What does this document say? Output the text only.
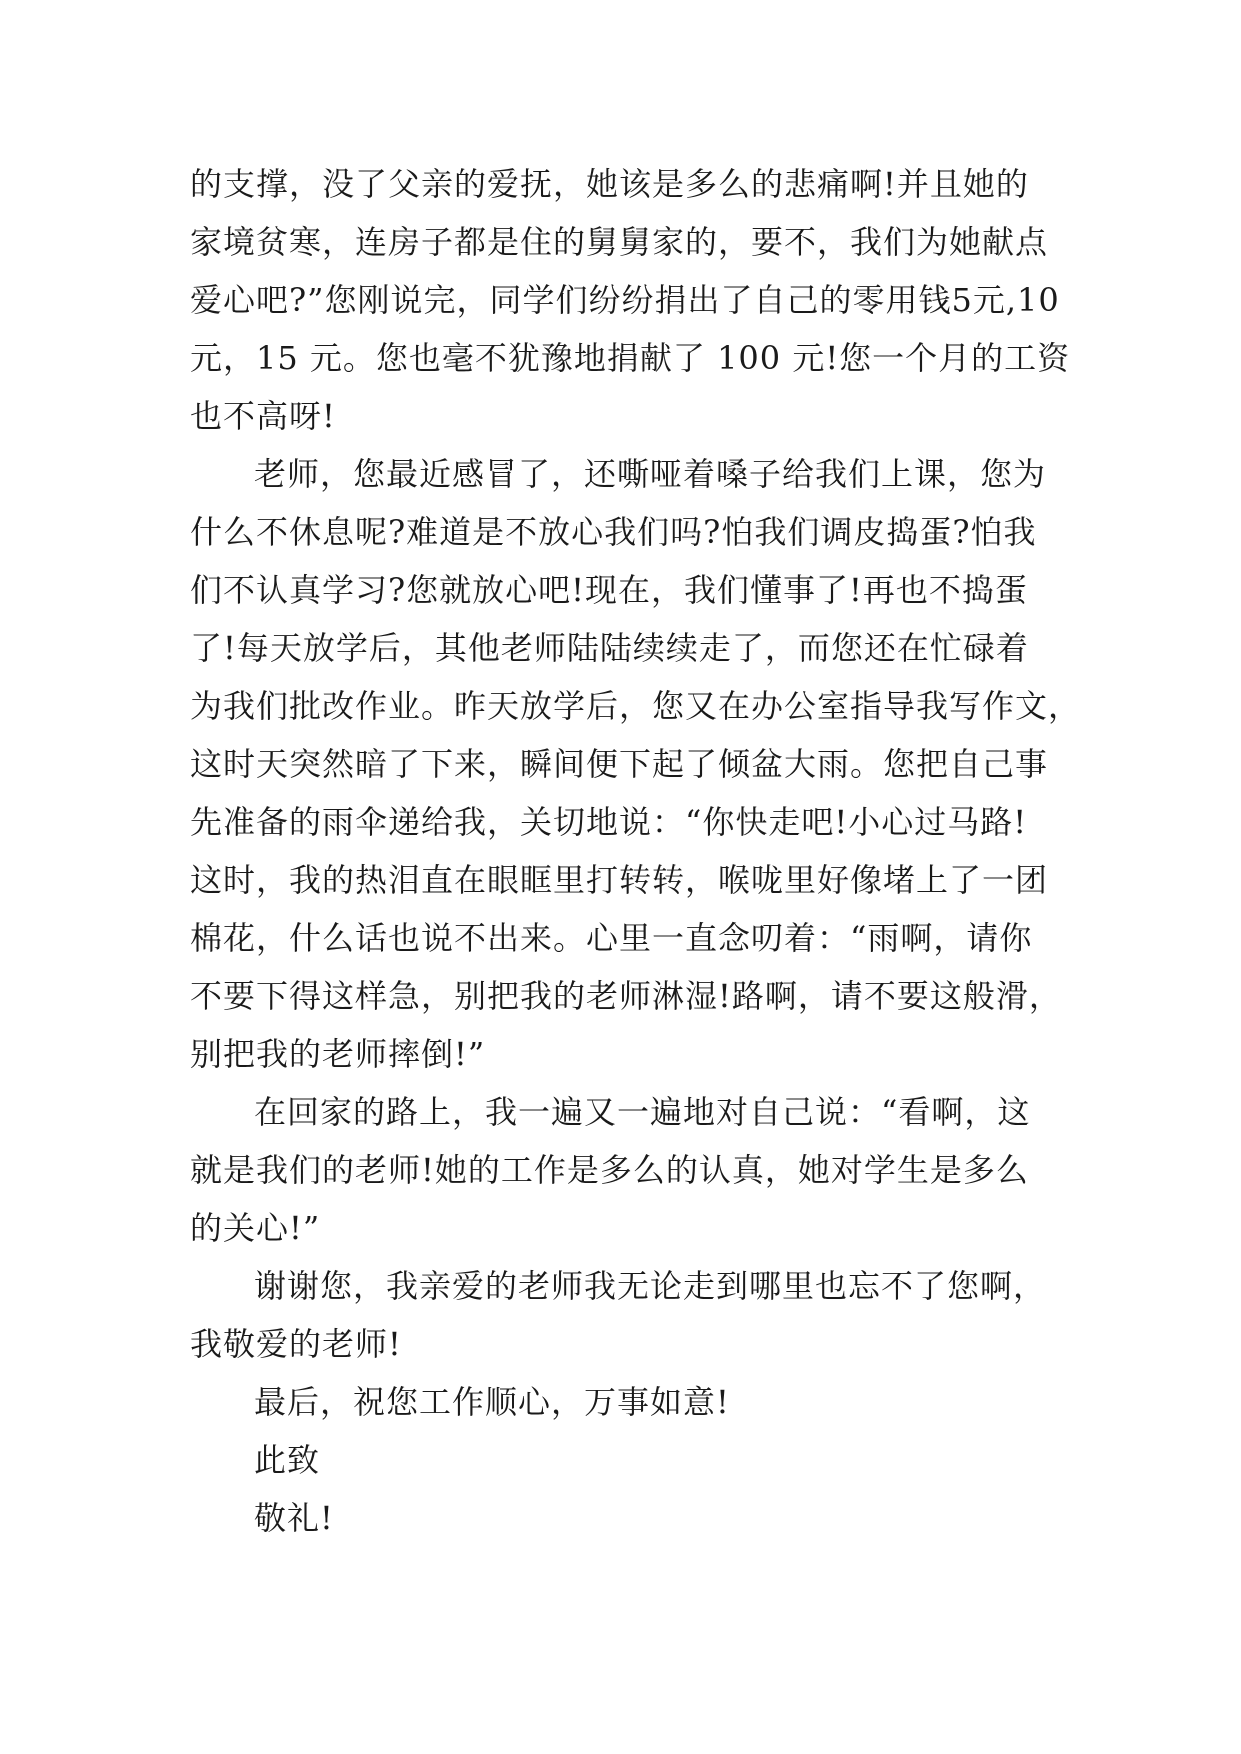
的支撑，没了父亲的爱抚，她该是多么的悲痛啊!并且她的
家境贫寒，连房子都是住的舅舅家的，要不，我们为她献点
爱心吧?”您刚说完，同学们纷纷捐出了自己的零用钱5元,10
元，15 元。您也毫不犹豫地捐献了 100 元!您一个月的工资
也不高呀!
老师，您最近感冒了，还嘶哑着嗓子给我们上课，您为
什么不休息呢?难道是不放心我们吗?怕我们调皮捣蛋?怕我
们不认真学习?您就放心吧!现在，我们懂事了!再也不捣蛋
了!每天放学后，其他老师陆陆续续走了，而您还在忙碌着
为我们批改作业。昨天放学后，您又在办公室指导我写作文，
这时天突然暗了下来，瞬间便下起了倾盆大雨。您把自己事
先准备的雨伞递给我，关切地说：“你快走吧!小心过马路!
这时，我的热泪直在眼眶里打转转，喉咙里好像堵上了一团
棉花，什么话也说不出来。心里一直念叨着：“雨啊，请你
不要下得这样急，别把我的老师淋湿!路啊，请不要这般滑，
别把我的老师摔倒!”
在回家的路上，我一遍又一遍地对自己说：“看啊，这
就是我们的老师!她的工作是多么的认真，她对学生是多么
的关心!”
谢谢您，我亲爱的老师我无论走到哪里也忘不了您啊，
我敬爱的老师!
最后，祝您工作顺心，万事如意!
此致
敬礼!
